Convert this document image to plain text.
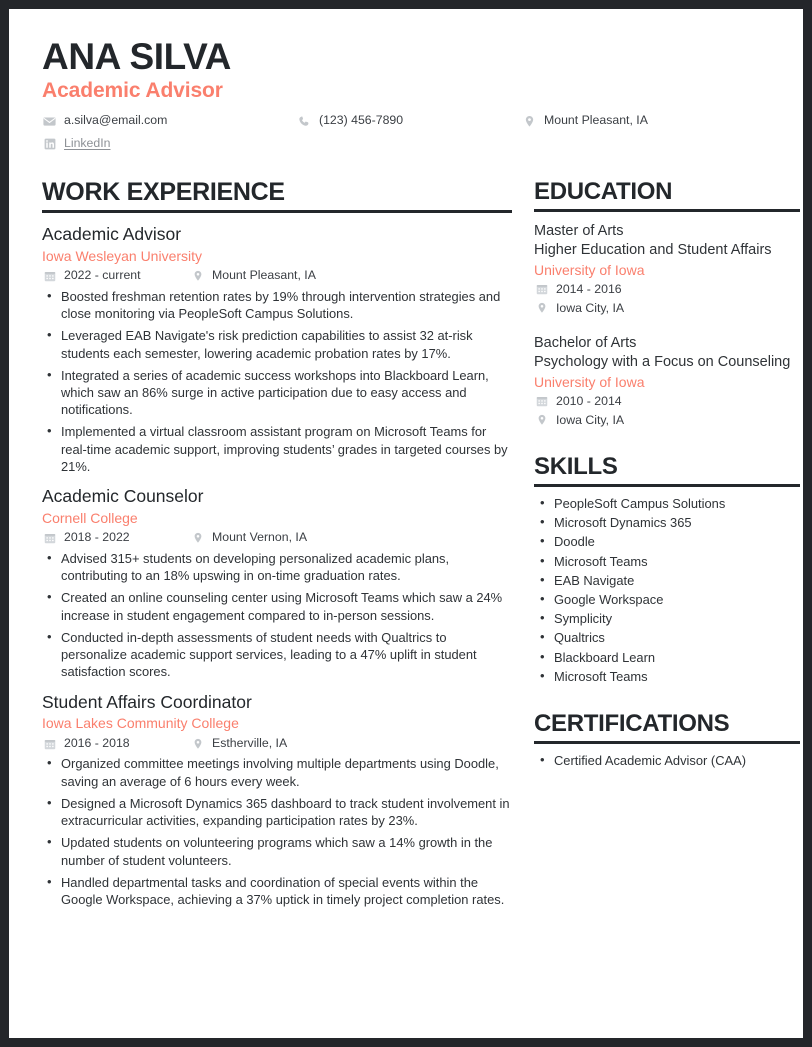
ANA SILVA
Academic Advisor
a.silva@email.com	(123) 456-7890	Mount Pleasant, IA
LinkedIn
WORK EXPERIENCE
Academic Advisor
Iowa Wesleyan University
2022 - current	Mount Pleasant, IA
• Boosted freshman retention rates by 19% through intervention strategies and close monitoring via PeopleSoft Campus Solutions.
• Leveraged EAB Navigate's risk prediction capabilities to assist 32 at-risk students each semester, lowering academic probation rates by 17%.
• Integrated a series of academic success workshops into Blackboard Learn, which saw an 86% surge in active participation due to easy access and notifications.
• Implemented a virtual classroom assistant program on Microsoft Teams for real-time academic support, improving students’ grades in targeted courses by 21%.
Academic Counselor
Cornell College
2018 - 2022	Mount Vernon, IA
• Advised 315+ students on developing personalized academic plans, contributing to an 18% upswing in on-time graduation rates.
• Created an online counseling center using Microsoft Teams which saw a 24% increase in student engagement compared to in-person sessions.
• Conducted in-depth assessments of student needs with Qualtrics to personalize academic support services, leading to a 47% uplift in student satisfaction scores.
Student Affairs Coordinator
Iowa Lakes Community College
2016 - 2018	Estherville, IA
• Organized committee meetings involving multiple departments using Doodle, saving an average of 6 hours every week.
• Designed a Microsoft Dynamics 365 dashboard to track student involvement in extracurricular activities, expanding participation rates by 23%.
• Updated students on volunteering programs which saw a 14% growth in the number of student volunteers.
• Handled departmental tasks and coordination of special events within the Google Workspace, achieving a 37% uptick in timely project completion rates.
EDUCATION
Master of Arts
Higher Education and Student Affairs
University of Iowa
2014 - 2016
Iowa City, IA
Bachelor of Arts
Psychology with a Focus on Counseling
University of Iowa
2010 - 2014
Iowa City, IA
SKILLS
• PeopleSoft Campus Solutions
• Microsoft Dynamics 365
• Doodle
• Microsoft Teams
• EAB Navigate
• Google Workspace
• Symplicity
• Qualtrics
• Blackboard Learn
• Microsoft Teams
CERTIFICATIONS
• Certified Academic Advisor (CAA)
